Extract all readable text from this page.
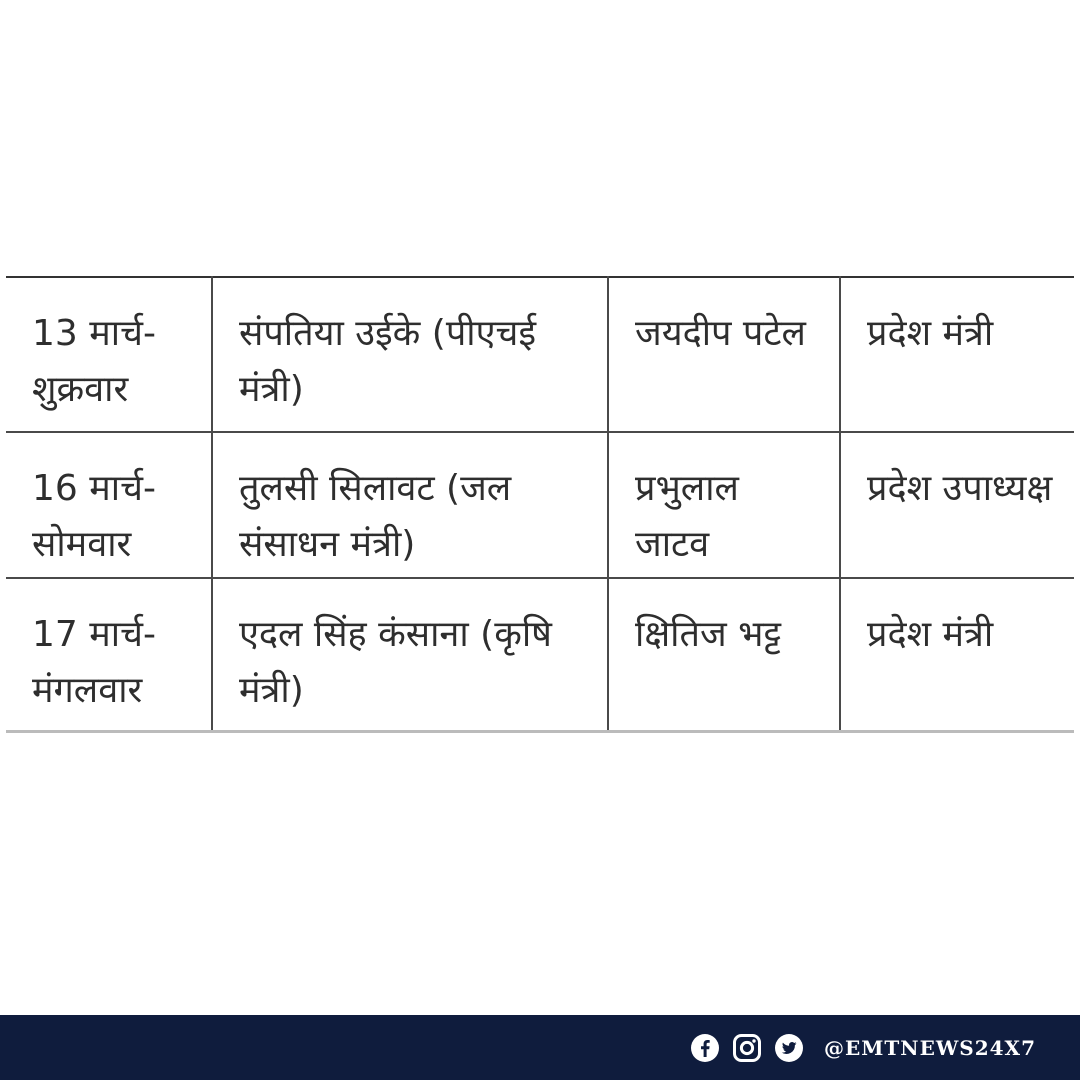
13 मार्च-शुक्रवार	संपतिया उईके (पीएचई मंत्री)	जयदीप पटेल	प्रदेश मंत्री

16 मार्च-सोमवार	तुलसी सिलावट (जल संसाधन मंत्री)	प्रभुलाल जाटव	प्रदेश उपाध्यक्ष

17 मार्च-मंगलवार	एदल सिंह कंसाना (कृषि मंत्री)	क्षितिज भट्ट	प्रदेश मंत्री
@EMTNEWS24X7
